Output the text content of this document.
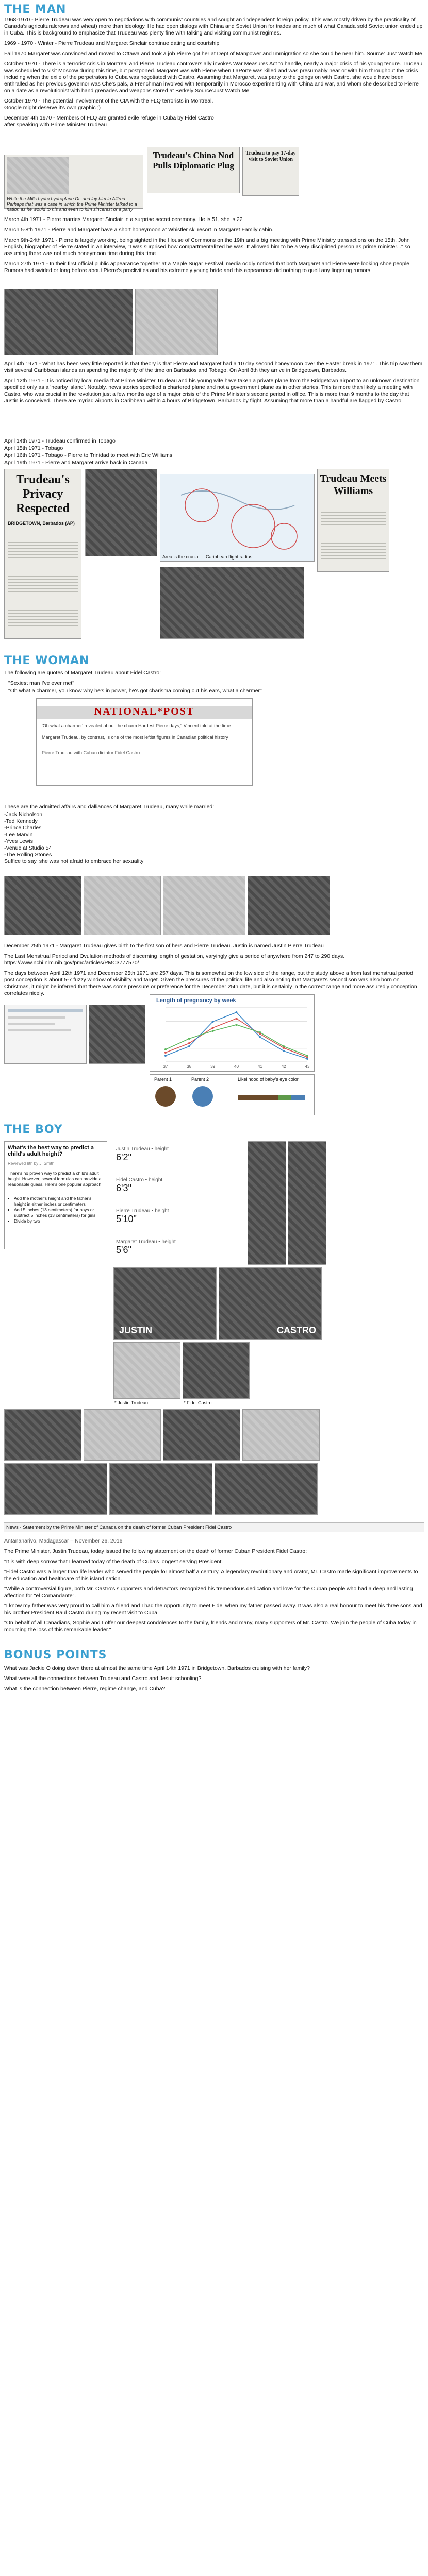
THE MAN
1968-1970 - Pierre Trudeau was very open to negotiations with communist countries and sought an 'independent' foreign policy. This was mostly driven by the practicality of Canada's agriculturalcrows and wheat) more than ideology. He had open dialogs with China and Soviet Union for trades and much of what Canada sold Soviet union ended up in Cuba. This is background to emphasize that Trudeau was plenty fine with talking and visiting communist regimes.
1969 - 1970 - Winter - Pierre Trudeau and Margaret Sinclair continue dating and courtship
Fall 1970 Margaret was convinced and moved to Ottawa and took a job Pierre got her at Dept of Manpower and Immigration so she could be near him. Source: Just Watch Me
October 1970 - There is a terrorist crisis in Montreal and Pierre Trudeau controversially invokes War Measures Act to handle, nearly a major crisis of his young tenure. Trudeau was scheduled to visit Moscow during this time, but postponed. Margaret was with Pierre when LaPorte was killed and was presumably near or with him throughout the crisis including when the exile of the perpetrators to Cuba was negotiated with Castro. Assuming that Margaret, was party to the goings on with Castro, she would have been enthralled as her previous governor was Che's pals, a Frenchman involved with temporarily in Morocco experimenting with China and war, and whom she described to Pierre on a date as a revolutionist with hand grenades and weapons stored at Berkely Source:Just Watch Me
October 1970 - The potential involvement of the CIA with the FLQ terrorists in Montreal. Google might deserve it's own graphic ;)
December 4th 1970 - Members of FLQ are granted exile refuge in Cuba by Fidel Castro after speaking with Prime Minister Trudeau
While the Mills hydro hydroplane Dr. and lay him in Alltrud. Perhaps that was a case in which the Prime Minister talked to a nation as he would to his and even to him sincerest or a party
Trudeau's China Nod Pulls Diplomatic Plug
Trudeau to pay 17-day visit to Soviet Union
March 4th 1971 - Pierre marries Margaret Sinclair in a surprise secret ceremony. He is 51, she is 22
March 5-8th 1971 - Pierre and Margaret have a short honeymoon at Whistler ski resort in Margaret Family cabin.
March 9th-24th 1971 - Pierre is largely working, being sighted in the House of Commons on the 19th and a big meeting with Prime Ministry transactions on the 15th. John English, biographer of Pierre stated in an interview, "I was surprised how compartmentalized he was. It allowed him to be a very disciplined person as prime minister..." so assuming there was not much honeymoon time during this time
March 27th 1971 - In their first official public appearance together at a Maple Sugar Festival, media oddly noticed that both Margaret and Pierre were looking shoe people. Rumors had swirled or long before about Pierre's proclivities and his extremely young bride and this appearance did nothing to quell any lingering rumors
April 4th 1971 - What has been very little reported is that theory is that Pierre and Margaret had a 10 day second honeymoon over the Easter break in 1971. This trip saw them visit several Caribbean islands an spending the majority of the time on Barbados and Tobago. On April 8th they arrive in Bridgetown, Barbados.
April 12th 1971 - It is noticed by local media that Prime Minister Trudeau and his young wife have taken a private plane from the Bridgetown airport to an unknown destination specified only as a 'nearby island'. Notably, news stories specified a chartered plane and not a government plane as in other stories. This is more than likely a meeting with Castro, who was crucial in the revolution just a few months ago of a major crisis of the Prime Minister's second period in office. This is more than 9 months to the day that Justin is conceived. There are myriad airports in Caribbean within 4 hours of Bridgetown, Barbados by flight. Assuming that more than a handful are flagged by Castro
April 14th 1971 - Trudeau confirmed in Tobago
April 15th 1971 - Tobago
April 16th 1971 - Tobago - Pierre to Trinidad to meet with Eric Williams
April 19th 1971 - Pierre and Margaret arrive back in Canada
Trudeau's Privacy Respected
BRIDGETOWN, Barbados (AP)
Area is the crucial ... Caribbean flight radius
Trudeau Meets Williams
THE WOMAN
The following are quotes of Margaret Trudeau about Fidel Castro:
"Sexiest man I've ever met"
"Oh what a charmer, you know why he's in power, he's got charisma coming out his ears, what a charmer"
NATIONAL*POST
'Oh what a charmer' revealed about the charm Hardest Pierre days," Vincent told at the time.
Margaret Trudeau, by contrast, is one of the most leftist figures in Canadian political history
Pierre Trudeau with Cuban dictator Fidel Castro.
These are the admitted affairs and dalliances of Margaret Trudeau, many while married:
-Jack Nicholson
-Ted Kennedy
-Prince Charles
-Lee Marvin
-Yves Lewis
-Venue at Studio 54
-The Rolling Stones
Suffice to say, she was not afraid to embrace her sexuality
December 25th 1971 - Margaret Trudeau gives birth to the first son of hers and Pierre Trudeau. Justin is named Justin Pierre Trudeau
The Last Menstrual Period and Ovulation methods of discerning length of gestation, varyingly give a period of anywhere from 247 to 290 days. https://www.ncbi.nlm.nih.gov/pmc/articles/PMC3777570/
The days between April 12th 1971 and December 25th 1971 are 257 days. This is somewhat on the low side of the range, but the study above a from last menstrual period post conception is about 5-7 fuzzy window of visibility and target. Given the pressures of the political life and also noting that Margaret's second son was also born on Christmas, it might be inferred that there was some pressure or preference for the December 25th date, but it is certainly in the correct range and more assuredly conception correlates nicely.
Length of pregnancy by week
37	38	39	40	41	42	43
Parent 1	Parent 2	Likelihood of baby's eye color
THE BOY
What's the best way to predict a child's adult height?
Reviewed 8th by J. Smith
There's no proven way to predict a child's adult height. However, several formulas can provide a reasonable guess. Here's one popular approach:
• Add the mother's height and the father's height in either inches or centimeters
• Add 5 inches (13 centimeters) for boys or subtract 5 inches (13 centimeters) for girls
• Divide by two
Justin Trudeau • height
6'2"
Fidel Castro • height
6'3"
Pierre Trudeau • height
5'10"
Margaret Trudeau • height
5'6"
JUSTIN	CASTRO
* Justin Trudeau	* Fidel Castro
News · Statement by the Prime Minister of Canada on the death of former Cuban President Fidel Castro
Antananarivo, Madagascar – November 26, 2016
The Prime Minister, Justin Trudeau, today issued the following statement on the death of former Cuban President Fidel Castro:
"It is with deep sorrow that I learned today of the death of Cuba's longest serving President.
"Fidel Castro was a larger than life leader who served the people for almost half a century. A legendary revolutionary and orator, Mr. Castro made significant improvements to the education and healthcare of his island nation.
"While a controversial figure, both Mr. Castro's supporters and detractors recognized his tremendous dedication and love for the Cuban people who had a deep and lasting affection for "el Comandante".
"I know my father was very proud to call him a friend and I had the opportunity to meet Fidel when my father passed away. It was also a real honour to meet his three sons and his brother President Raul Castro during my recent visit to Cuba.
"On behalf of all Canadians, Sophie and I offer our deepest condolences to the family, friends and many, many supporters of Mr. Castro. We join the people of Cuba today in mourning the loss of this remarkable leader."
BONUS POINTS
What was Jackie O doing down there at almost the same time April 14th 1971 in Bridgetown, Barbados cruising with her family?
What were all the connections between Trudeau and Castro and Jesuit schooling?
What is the connection between Pierre, regime change, and Cuba?
